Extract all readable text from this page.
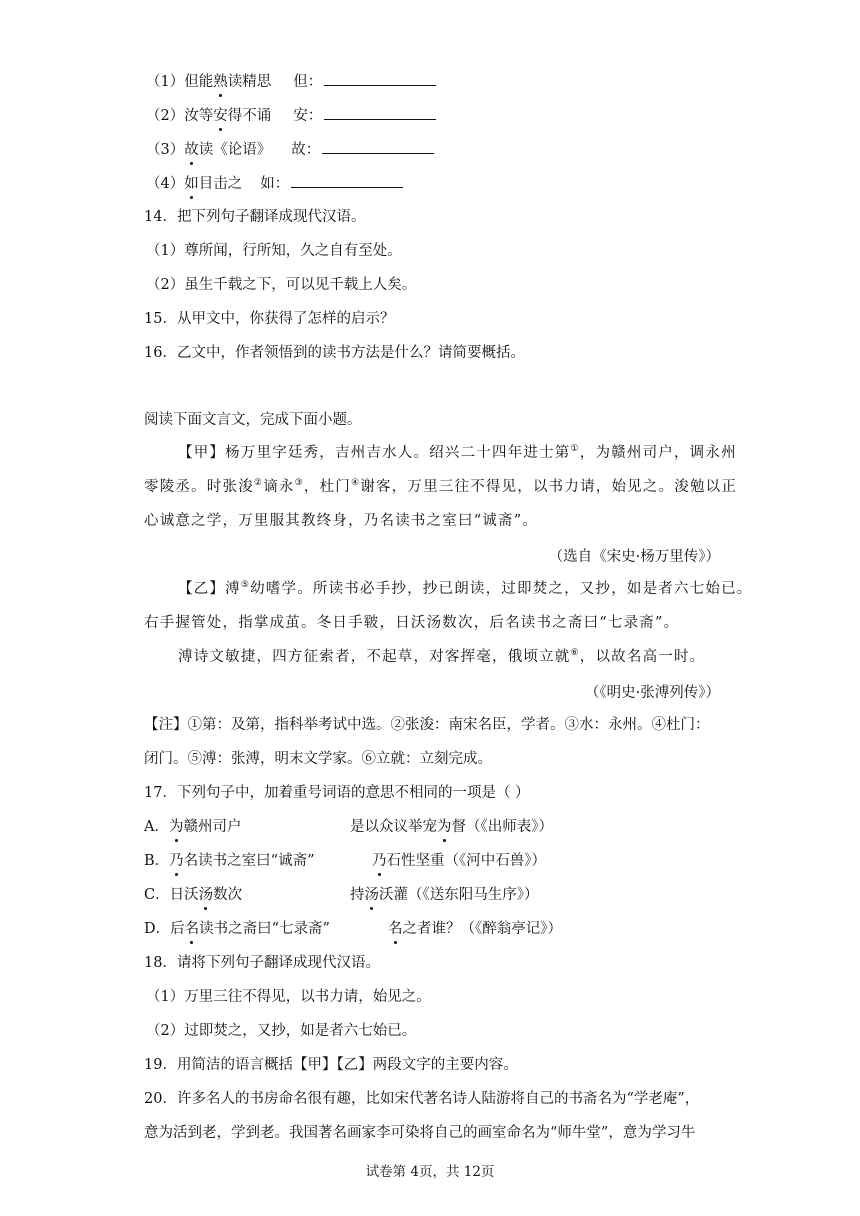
（1）但能熟读精思 但：
（2）汝等安得不诵 安：
（3）故读《论语》 故：
（4）如目击之 如：
14．把下列句子翻译成现代汉语。
（1）尊所闻，行所知，久之自有至处。
（2）虽生千载之下，可以见千载上人矣。
15．从甲文中，你获得了怎样的启示？
16．乙文中，作者领悟到的读书方法是什么？请简要概括。
阅读下面文言文，完成下面小题。
【甲】杨万里字廷秀，吉州吉水人。绍兴二十四年进士第①，为赣州司户，调永州
零陵丞。时张浚②谪永③，杜门④谢客，万里三往不得见，以书力请，始见之。浚勉以正
心诚意之学，万里服其教终身，乃名读书之室曰“诚斋”。
（选自《宋史·杨万里传》）
【乙】溥⑤幼嗜学。所读书必手抄，抄已朗读，过即焚之，又抄，如是者六七始已。
右手握管处，指掌成茧。冬日手皲，日沃汤数次，后名读书之斋曰“七录斋”。
溥诗文敏捷，四方征索者，不起草，对客挥毫，俄顷立就⑥，以故名高一时。
（《明史·张溥列传》）
【注】①第：及第，指科举考试中选。②张浚：南宋名臣，学者。③水：永州。④杜门：
闭门。⑤溥：张溥，明末文学家。⑥立就：立刻完成。
17．下列句子中，加着重号词语的意思不相同的一项是（ ）
A．为赣州司户	是以众议举宠为督（《出师表》）
B．乃名读书之室曰“诚斋”	乃石性坚重（《河中石兽》）
C．日沃汤数次	持汤沃灌（《送东阳马生序》）
D．后名读书之斋曰“七录斋”	名之者谁？（《醉翁亭记》）
18．请将下列句子翻译成现代汉语。
（1）万里三往不得见，以书力请，始见之。
（2）过即焚之，又抄，如是者六七始已。
19．用简洁的语言概括【甲】【乙】两段文字的主要内容。
20．许多名人的书房命名很有趣，比如宋代著名诗人陆游将自己的书斋名为“学老庵”，
意为活到老，学到老。我国著名画家李可染将自己的画室命名为“师牛堂”，意为学习牛
试卷第 4页，共 12页
